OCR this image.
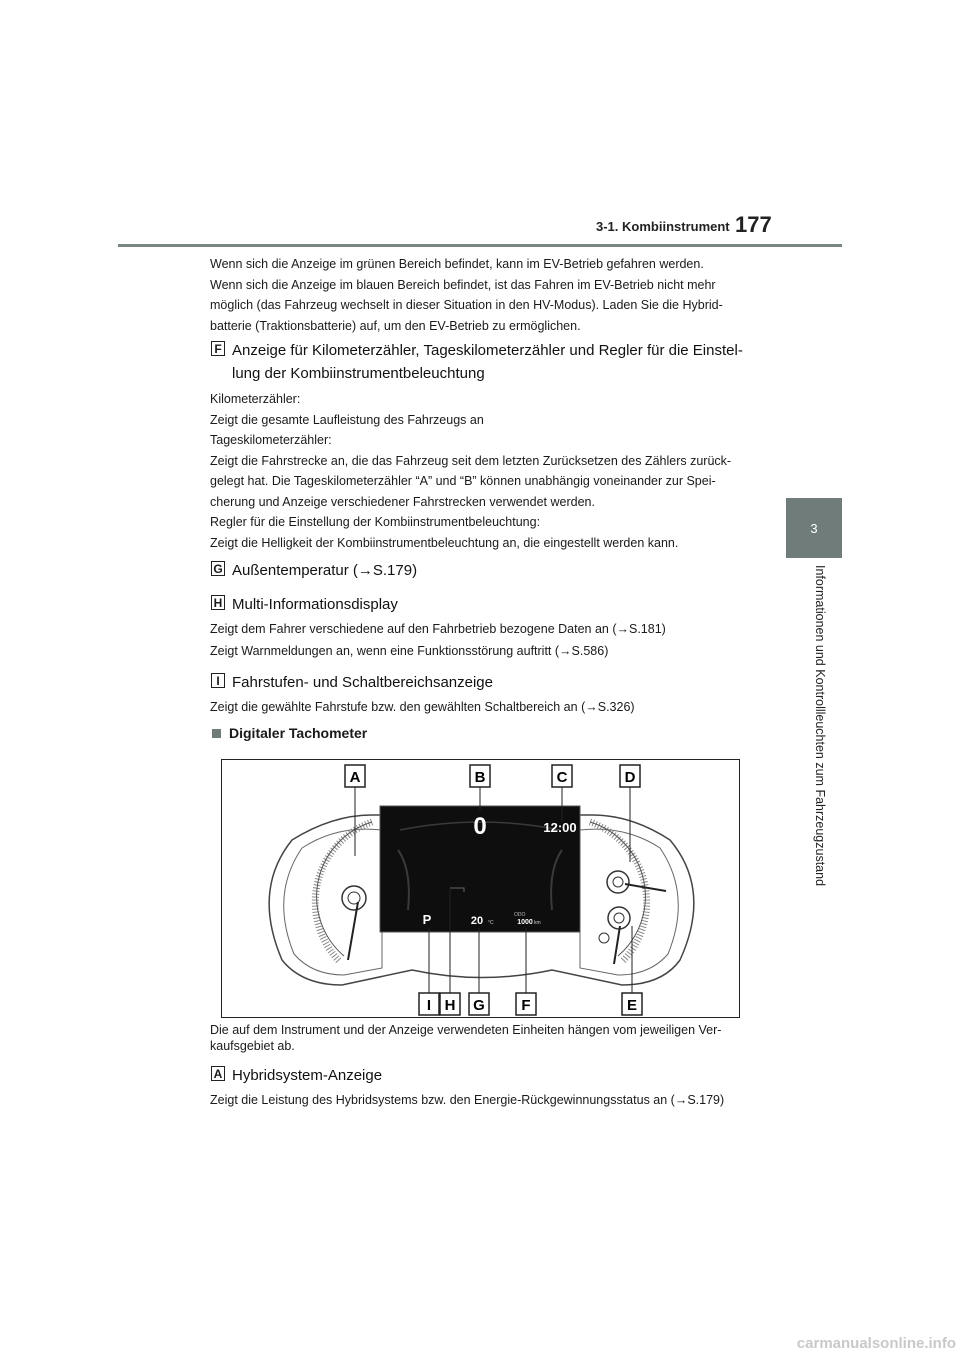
3-1. Kombiinstrument 177
3
Informationen und Kontrollleuchten zum Fahrzeugzustand
Wenn sich die Anzeige im grünen Bereich befindet, kann im EV-Betrieb gefahren werden.
Wenn sich die Anzeige im blauen Bereich befindet, ist das Fahren im EV-Betrieb nicht mehr
möglich (das Fahrzeug wechselt in dieser Situation in den HV-Modus). Laden Sie die Hybrid-
batterie (Traktionsbatterie) auf, um den EV-Betrieb zu ermöglichen.
F Anzeige für Kilometerzähler, Tageskilometerzähler und Regler für die Einstel-
lung der Kombiinstrumentbeleuchtung
Kilometerzähler:
Zeigt die gesamte Laufleistung des Fahrzeugs an
Tageskilometerzähler:
Zeigt die Fahrstrecke an, die das Fahrzeug seit dem letzten Zurücksetzen des Zählers zurück-
gelegt hat. Die Tageskilometerzähler “A” und “B” können unabhängig voneinander zur Spei-
cherung und Anzeige verschiedener Fahrstrecken verwendet werden.
Regler für die Einstellung der Kombiinstrumentbeleuchtung:
Zeigt die Helligkeit der Kombiinstrumentbeleuchtung an, die eingestellt werden kann.
G Außentemperatur (→S.179)
H Multi-Informationsdisplay
Zeigt dem Fahrer verschiedene auf den Fahrbetrieb bezogene Daten an (→S.181)
Zeigt Warnmeldungen an, wenn eine Funktionsstörung auftritt (→S.586)
I Fahrstufen- und Schaltbereichsanzeige
Zeigt die gewählte Fahrstufe bzw. den gewählten Schaltbereich an (→S.326)
Digitaler Tachometer
0	12:00
P	20 °C
ODO
1000 km
A	B	C	D
I H G F	E
Die auf dem Instrument und der Anzeige verwendeten Einheiten hängen vom jeweiligen Ver-
kaufsgebiet ab.
A Hybridsystem-Anzeige
Zeigt die Leistung des Hybridsystems bzw. den Energie-Rückgewinnungsstatus an (→S.179)
carmanualsonline.info
